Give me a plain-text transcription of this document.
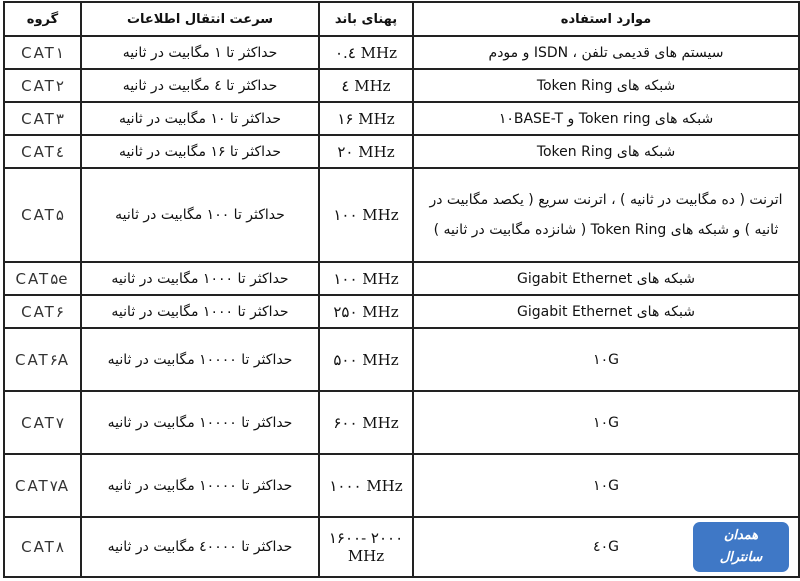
موارد استفاده	پهنای باند	سرعت انتقال اطلاعات	گروه
سیستم های قدیمی تلفن ، ISDN و مودم	۰.٤ MHz	حداکثر تا ۱ مگابیت در ثانیه	CAT۱
شبکه های Token Ring	٤ MHz	حداکثر تا ٤ مگابیت در ثانیه	CAT۲
شبکه های Token ring و ۱۰BASE-T	۱۶ MHz	حداکثر تا ۱۰ مگابیت در ثانیه	CAT۳
شبکه های Token Ring	۲۰ MHz	حداکثر تا ۱۶ مگابیت در ثانیه	CAT٤
اترنت ( ده مگابیت در ثانیه ) ، اترنت سریع ( یکصد مگابیت در ثانیه ) و شبکه های Token Ring ( شانزده مگابیت در ثانیه )	۱۰۰ MHz	حداکثر تا ۱۰۰ مگابیت در ثانیه	CAT۵
شبکه های Gigabit Ethernet	۱۰۰ MHz	حداکثر تا ۱۰۰۰ مگابیت در ثانیه	CAT۵e
شبکه های Gigabit Ethernet	۲۵۰ MHz	حداکثر تا ۱۰۰۰ مگابیت در ثانیه	CAT۶
۱۰G	۵۰۰ MHz	حداکثر تا ۱۰۰۰۰ مگابیت در ثانیه	CAT۶A
۱۰G	۶۰۰ MHz	حداکثر تا ۱۰۰۰۰ مگابیت در ثانیه	CAT۷
۱۰G	۱۰۰۰ MHz	حداکثر تا ۱۰۰۰۰ مگابیت در ثانیه	CAT۷A
٤۰G	۱۶۰۰- ۲۰۰۰ MHz	حداکثر تا ٤۰۰۰۰ مگابیت در ثانیه	CAT۸
همدان
سانترال
